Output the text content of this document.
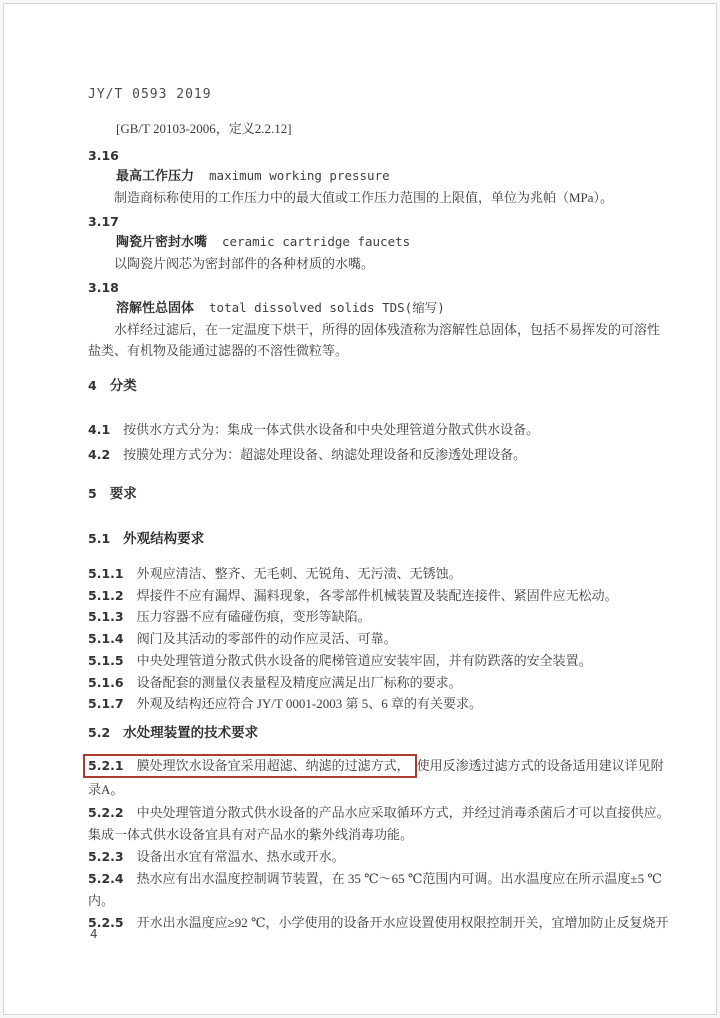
JY/T 0593 2019

[GB/T 20103-2006，定义2.2.12]

3.16

最高工作压力 maximum working pressure

制造商标称使用的工作压力中的最大值或工作压力范围的上限值，单位为兆帕（MPa）。

3.17

陶瓷片密封水嘴 ceramic cartridge faucets

以陶瓷片阀芯为密封部件的各种材质的水嘴。

3.18

溶解性总固体 total dissolved solids TDS(缩写)

水样经过滤后，在一定温度下烘干，所得的固体残渣称为溶解性总固体，包括不易挥发的可溶性盐类、有机物及能通过滤器的不溶性微粒等。

4 分类

4.1 按供水方式分为：集成一体式供水设备和中央处理管道分散式供水设备。

4.2 按膜处理方式分为：超滤处理设备、纳滤处理设备和反渗透处理设备。

5 要求

5.1 外观结构要求

5.1.1 外观应清洁、整齐、无毛刺、无锐角、无污渍、无锈蚀。

5.1.2 焊接件不应有漏焊、漏料现象，各零部件机械装置及装配连接件、紧固件应无松动。

5.1.3 压力容器不应有磕碰伤痕，变形等缺陷。

5.1.4 阀门及其活动的零部件的动作应灵活、可靠。

5.1.5 中央处理管道分散式供水设备的爬梯管道应安装牢固，并有防跌落的安全装置。

5.1.6 设备配套的测量仪表量程及精度应满足出厂标称的要求。

5.1.7 外观及结构还应符合 JY/T 0001-2003 第 5、6 章的有关要求。

5.2 水处理装置的技术要求

5.2.1 膜处理饮水设备宜采用超滤、纳滤的过滤方式， 使用反渗透过滤方式的设备适用建议详见附录A。

5.2.2 中央处理管道分散式供水设备的产品水应采取循环方式，并经过消毒杀菌后才可以直接供应。集成一体式供水设备宜具有对产品水的紫外线消毒功能。

5.2.3 设备出水宜有常温水、热水或开水。

5.2.4 热水应有出水温度控制调节装置，在 35 ℃～65 ℃范围内可调。出水温度应在所示温度±5 ℃内。

5.2.5 开水出水温度应≥92 ℃，小学使用的设备开水应设置使用权限控制开关，宜增加防止反复烧开

4
